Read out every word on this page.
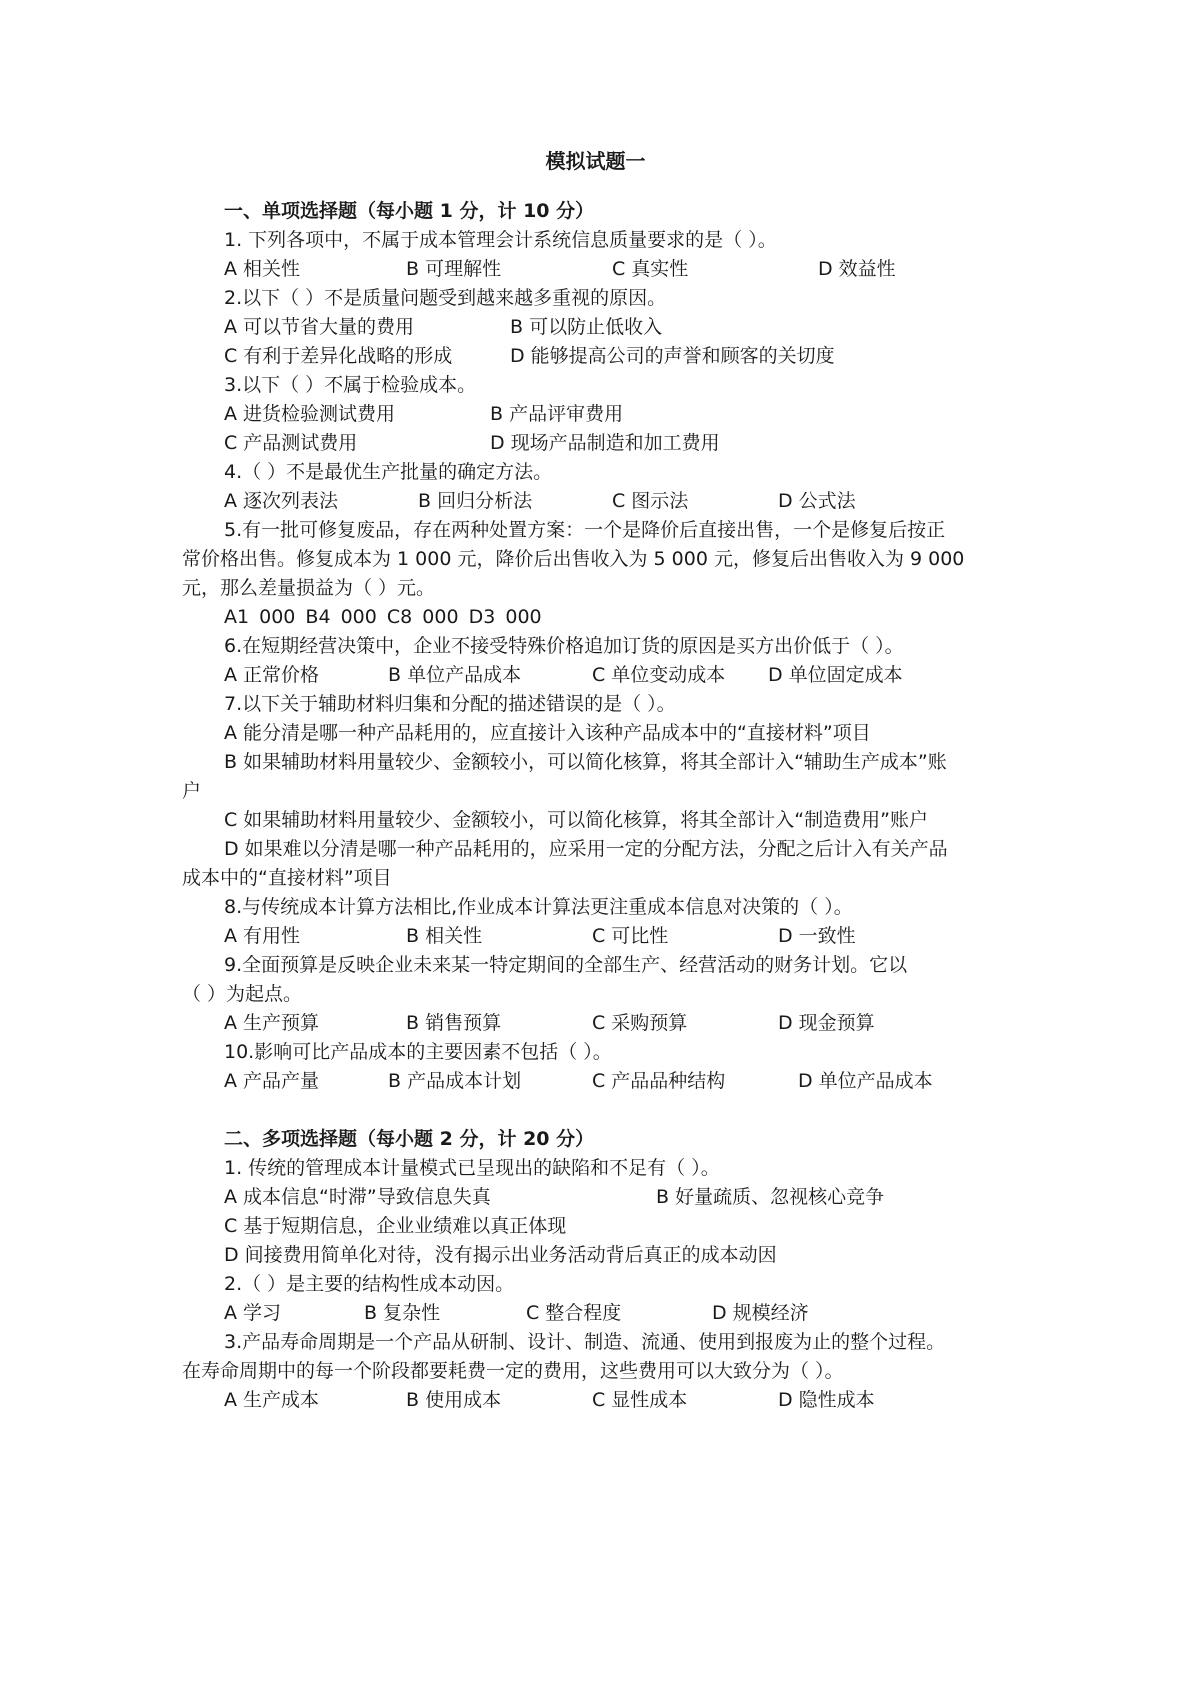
模拟试题一
一、单项选择题（每小题 1 分，计 10 分）
1. 下列各项中，不属于成本管理会计系统信息质量要求的是（ ）。
A 相关性	B 可理解性	C 真实性	D 效益性
2.以下（ ）不是质量问题受到越来越多重视的原因。
A 可以节省大量的费用	B 可以防止低收入
C 有利于差异化战略的形成	D 能够提高公司的声誉和顾客的关切度
3.以下（ ）不属于检验成本。
A 进货检验测试费用	B 产品评审费用
C 产品测试费用	D 现场产品制造和加工费用
4.（ ）不是最优生产批量的确定方法。
A 逐次列表法	B 回归分析法	C 图示法	D 公式法
5.有一批可修复废品，存在两种处置方案：一个是降价后直接出售，一个是修复后按正
常价格出售。修复成本为 1 000 元，降价后出售收入为 5 000 元，修复后出售收入为 9 000
元，那么差量损益为（ ）元。
A1 000 B4 000 C8 000 D3 000
6.在短期经营决策中，企业不接受特殊价格追加订货的原因是买方出价低于（ ）。
A 正常价格	B 单位产品成本	C 单位变动成本 D 单位固定成本
7.以下关于辅助材料归集和分配的描述错误的是（ ）。
A 能分清是哪一种产品耗用的，应直接计入该种产品成本中的“直接材料”项目
B 如果辅助材料用量较少、金额较小，可以简化核算，将其全部计入“辅助生产成本”账
户
C 如果辅助材料用量较少、金额较小，可以简化核算，将其全部计入“制造费用”账户
D 如果难以分清是哪一种产品耗用的，应采用一定的分配方法，分配之后计入有关产品
成本中的“直接材料”项目
8.与传统成本计算方法相比,作业成本计算法更注重成本信息对决策的（ ）。
A 有用性	B 相关性	C 可比性	D 一致性
9.全面预算是反映企业未来某一特定期间的全部生产、经营活动的财务计划。它以
（ ）为起点。
A 生产预算	B 销售预算	C 采购预算	D 现金预算
10.影响可比产品成本的主要因素不包括（ ）。
A 产品产量	B 产品成本计划	C 产品品种结构	D 单位产品成本
二、多项选择题（每小题 2 分，计 20 分）
1. 传统的管理成本计量模式已呈现出的缺陷和不足有（ ）。
A 成本信息“时滞”导致信息失真	B 好量疏质、忽视核心竞争
C 基于短期信息，企业业绩难以真正体现
D 间接费用简单化对待，没有揭示出业务活动背后真正的成本动因
2.（ ）是主要的结构性成本动因。
A 学习	B 复杂性	C 整合程度	D 规模经济
3.产品寿命周期是一个产品从研制、设计、制造、流通、使用到报废为止的整个过程。
在寿命周期中的每一个阶段都要耗费一定的费用，这些费用可以大致分为（ ）。
A 生产成本	B 使用成本	C 显性成本	D 隐性成本
